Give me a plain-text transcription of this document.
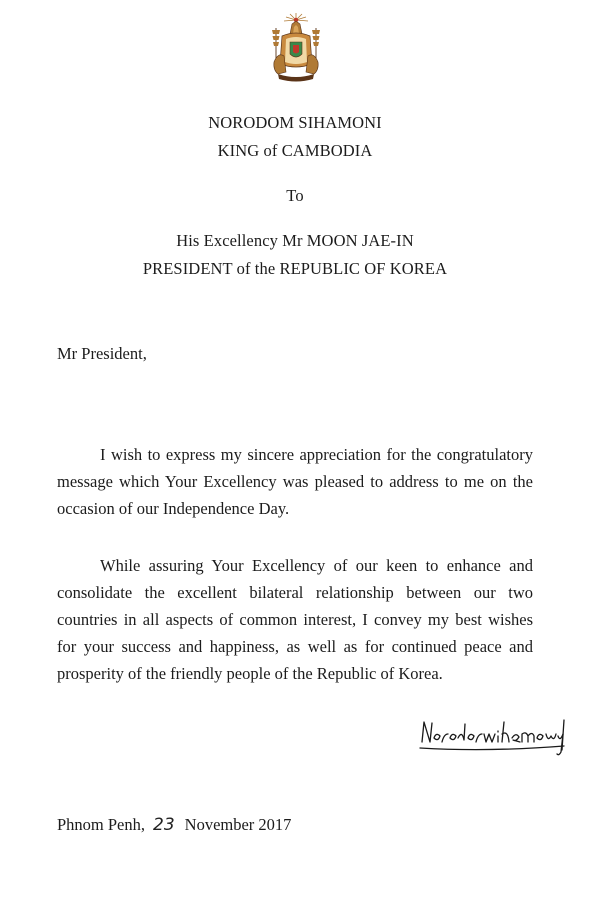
NORODOM SIHAMONI
KING of CAMBODIA
To
His Excellency Mr MOON JAE-IN
PRESIDENT of the REPUBLIC OF KOREA
Mr President,

I wish to express my sincere appreciation for the congratulatory message which Your Excellency was pleased to address to me on the occasion of our Independence Day.

While assuring Your Excellency of our keen to enhance and consolidate the excellent bilateral relationship between our two countries in all aspects of common interest, I convey my best wishes for your success and happiness, as well as for continued peace and prosperity of the friendly people of the Republic of Korea.

Phnom Penh, 23 November 2017
